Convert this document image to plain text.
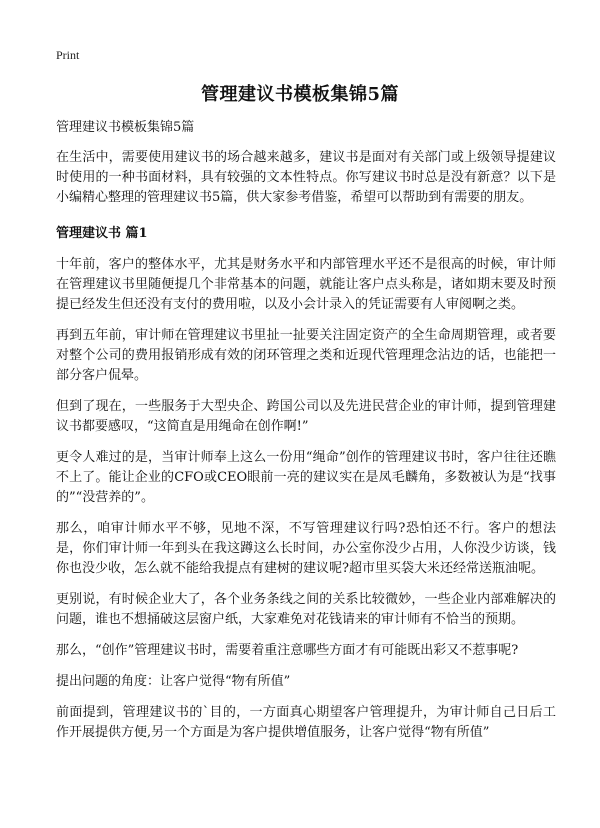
Print
管理建议书模板集锦5篇
管理建议书模板集锦5篇

在生活中，需要使用建议书的场合越来越多，建议书是面对有关部门或上级领导提建议时使用的一种书面材料，具有较强的文本性特点。你写建议书时总是没有新意？以下是小编精心整理的管理建议书5篇，供大家参考借鉴，希望可以帮助到有需要的朋友。

管理建议书 篇1

十年前，客户的整体水平，尤其是财务水平和内部管理水平还不是很高的时候，审计师在管理建议书里随便提几个非常基本的问题，就能让客户点头称是，诸如期末要及时预提已经发生但还没有支付的费用啦，以及小会计录入的凭证需要有人审阅啊之类。

再到五年前，审计师在管理建议书里扯一扯要关注固定资产的全生命周期管理，或者要对整个公司的费用报销形成有效的闭环管理之类和近现代管理理念沾边的话，也能把一部分客户侃晕。

但到了现在，一些服务于大型央企、跨国公司以及先进民营企业的审计师，提到管理建议书都要感叹，“这简直是用绳命在创作啊!”

更令人难过的是，当审计师奉上这么一份用“绳命”创作的管理建议书时，客户往往还瞧不上了。能让企业的CFO或CEO眼前一亮的建议实在是凤毛麟角，多数被认为是“找事的”“没营养的”。

那么，咱审计师水平不够，见地不深，不写管理建议行吗?恐怕还不行。客户的想法是，你们审计师一年到头在我这蹲这么长时间，办公室你没少占用，人你没少访谈，钱你也没少收，怎么就不能给我提点有建树的建议呢?超市里买袋大米还经常送瓶油呢。

更别说，有时候企业大了，各个业务条线之间的关系比较微妙，一些企业内部难解决的问题，谁也不想捅破这层窗户纸，大家难免对花钱请来的审计师有不恰当的预期。

那么，“创作”管理建议书时，需要着重注意哪些方面才有可能既出彩又不惹事呢?

提出问题的角度：让客户觉得“物有所值”

前面提到，管理建议书的`目的，一方面真心期望客户管理提升，为审计师自己日后工作开展提供方便,另一个方面是为客户提供增值服务，让客户觉得“物有所值”
